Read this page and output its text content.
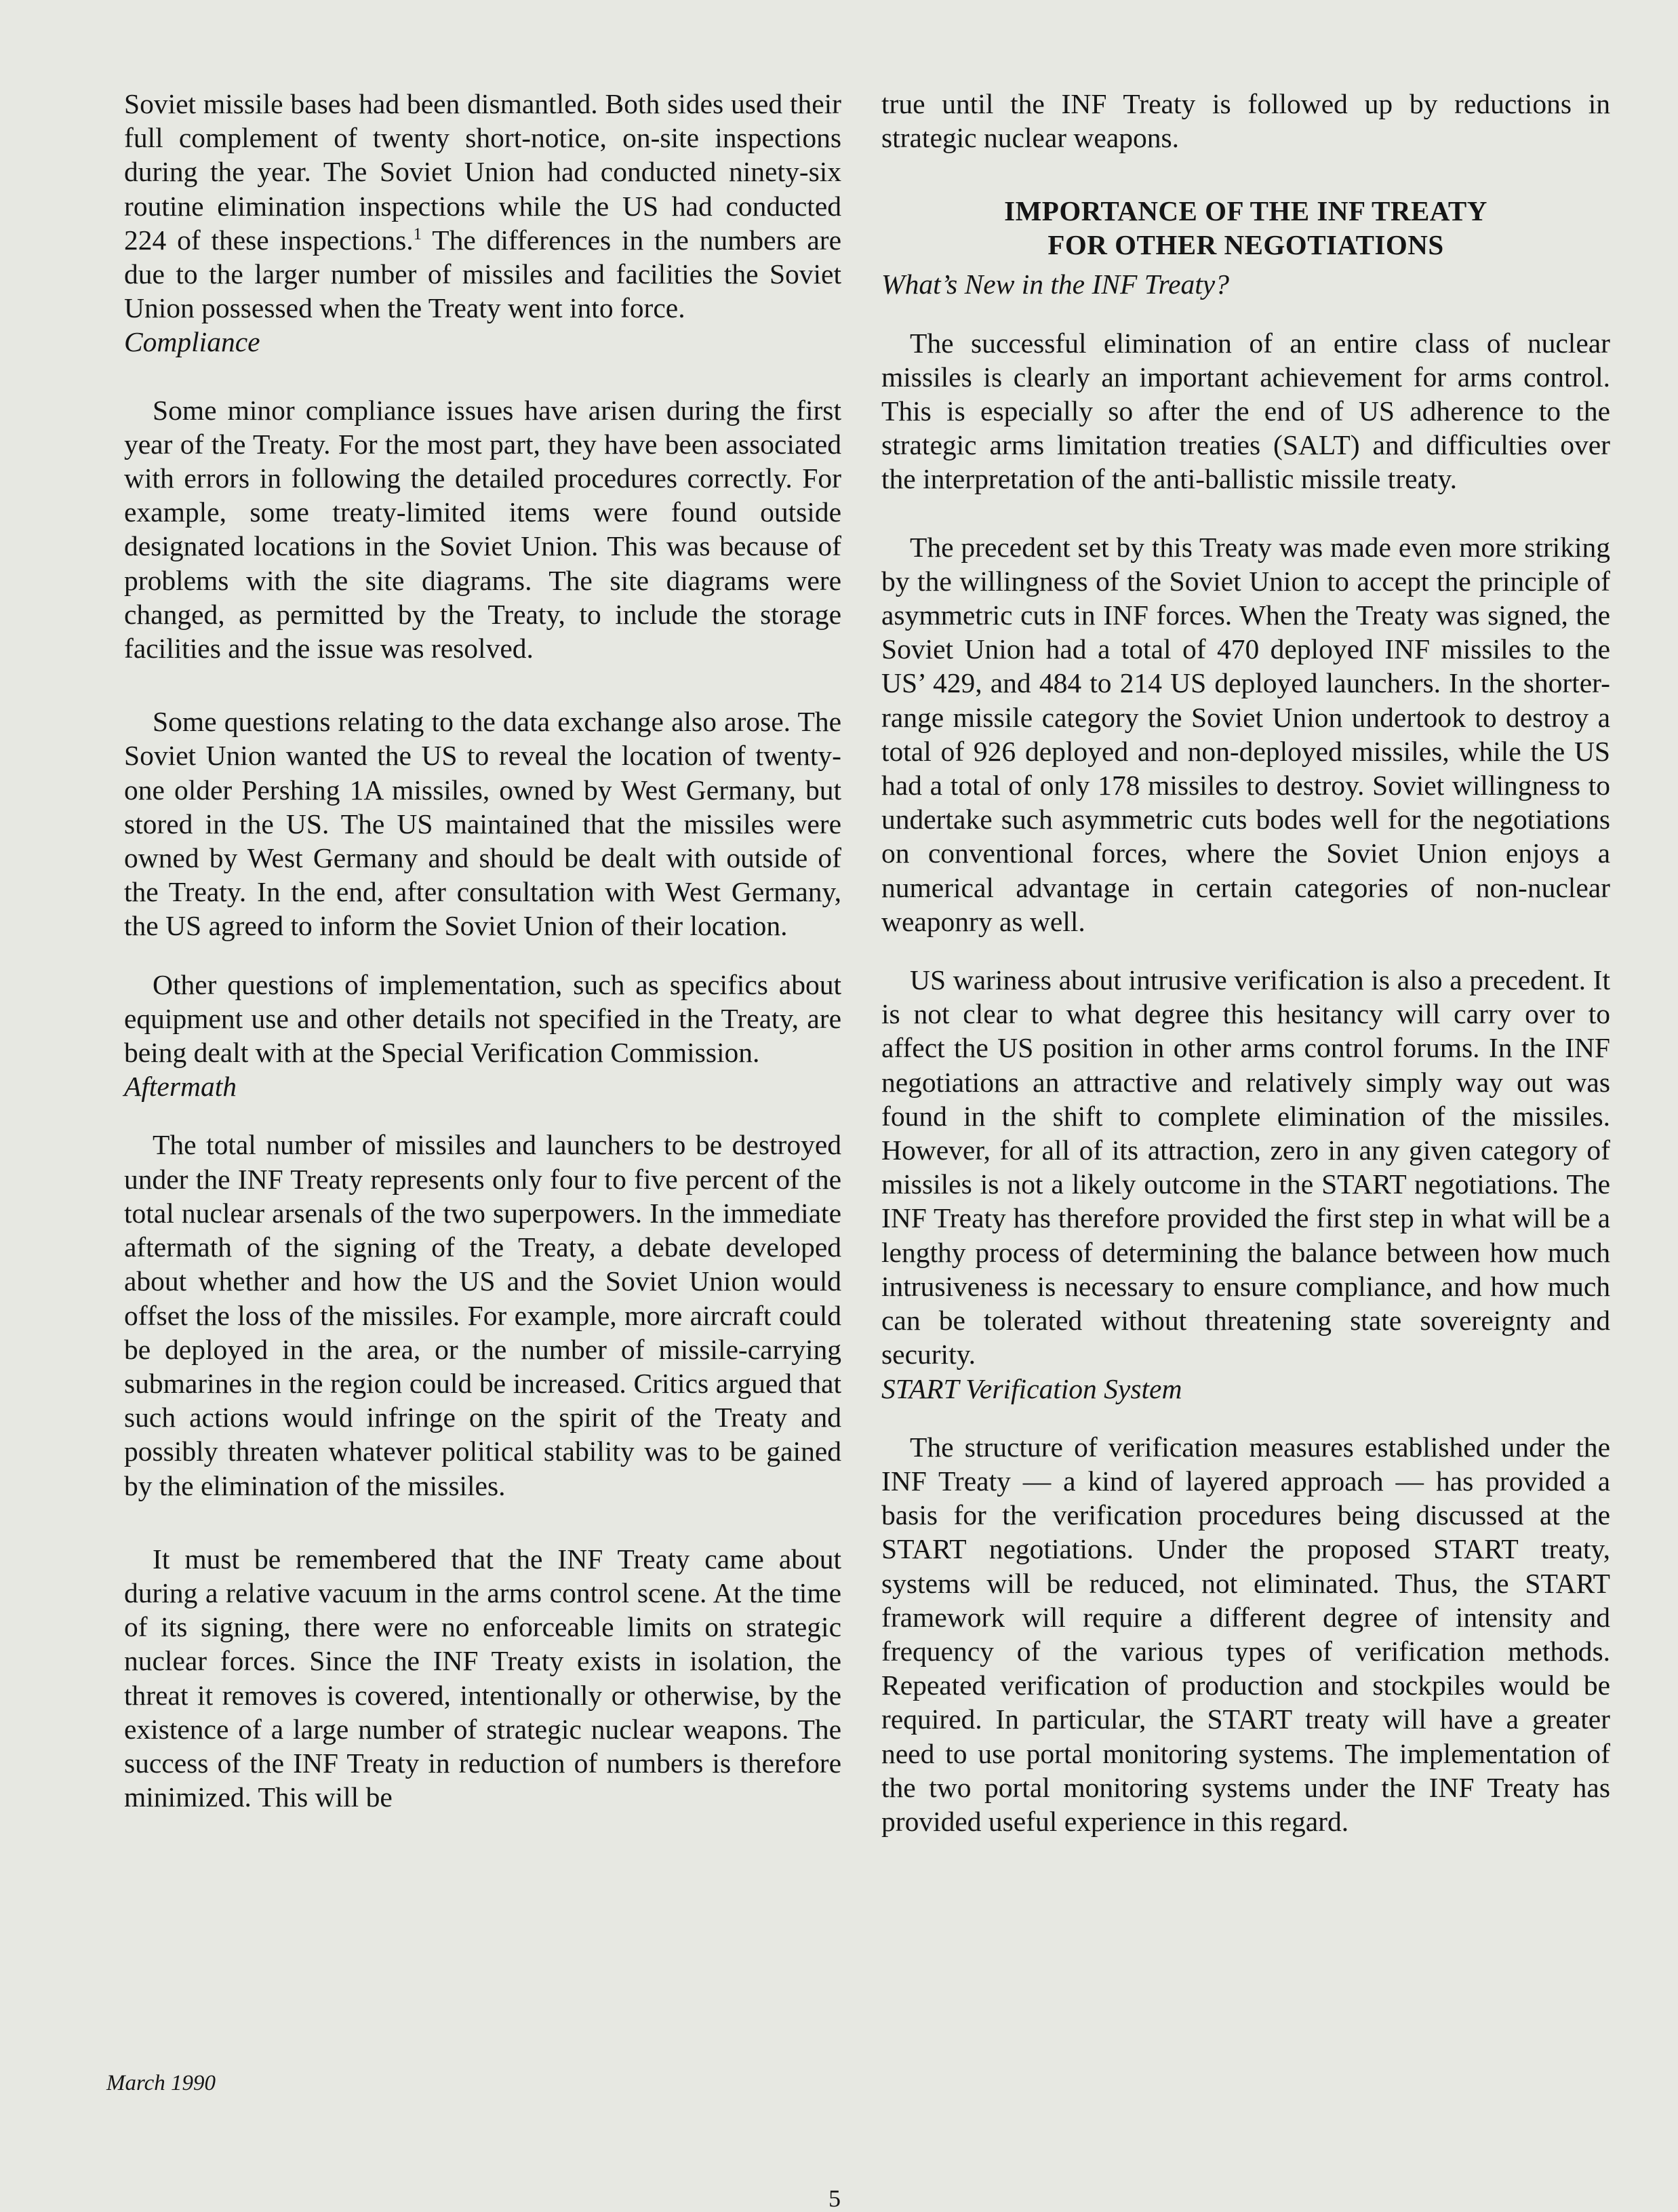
Soviet missile bases had been dismantled. Both sides used their full complement of twenty short-notice, on-site inspections during the year. The Soviet Union had conducted ninety-six routine elimination inspections while the US had conducted 224 of these inspections.$^1$ The differences in the numbers are due to the larger number of missiles and facilities the Soviet Union possessed when the Treaty went into force.

Compliance

Some minor compliance issues have arisen during the first year of the Treaty. For the most part, they have been associated with errors in following the detailed procedures correctly. For example, some treaty-limited items were found outside designated locations in the Soviet Union. This was because of problems with the site diagrams. The site diagrams were changed, as permitted by the Treaty, to include the storage facilities and the issue was resolved.

Some questions relating to the data exchange also arose. The Soviet Union wanted the US to reveal the location of twenty-one older Pershing 1A missiles, owned by West Germany, but stored in the US. The US maintained that the missiles were owned by West Germany and should be dealt with outside of the Treaty. In the end, after consultation with West Germany, the US agreed to inform the Soviet Union of their location.

Other questions of implementation, such as specifics about equipment use and other details not specified in the Treaty, are being dealt with at the Special Verification Commission.

Aftermath

The total number of missiles and launchers to be destroyed under the INF Treaty represents only four to five percent of the total nuclear arsenals of the two superpowers. In the immediate aftermath of the signing of the Treaty, a debate developed about whether and how the US and the Soviet Union would offset the loss of the missiles. For example, more aircraft could be deployed in the area, or the number of missile-carrying submarines in the region could be increased. Critics argued that such actions would infringe on the spirit of the Treaty and possibly threaten whatever political stability was to be gained by the elimination of the missiles.

It must be remembered that the INF Treaty came about during a relative vacuum in the arms control scene. At the time of its signing, there were no enforceable limits on strategic nuclear forces. Since the INF Treaty exists in isolation, the threat it removes is covered, intentionally or otherwise, by the existence of a large number of strategic nuclear weapons. The success of the INF Treaty in reduction of numbers is therefore minimized. This will be

true until the INF Treaty is followed up by reductions in strategic nuclear weapons.

IMPORTANCE OF THE INF TREATY

FOR OTHER NEGOTIATIONS

What’s New in the INF Treaty?

The successful elimination of an entire class of nuclear missiles is clearly an important achievement for arms control. This is especially so after the end of US adherence to the strategic arms limitation treaties (SALT) and difficulties over the interpretation of the anti-ballistic missile treaty.

The precedent set by this Treaty was made even more striking by the willingness of the Soviet Union to accept the principle of asymmetric cuts in INF forces. When the Treaty was signed, the Soviet Union had a total of 470 deployed INF missiles to the US’ 429, and 484 to 214 US deployed launchers. In the shorter-range missile category the Soviet Union undertook to destroy a total of 926 deployed and non-deployed missiles, while the US had a total of only 178 missiles to destroy. Soviet willingness to undertake such asymmetric cuts bodes well for the negotiations on conventional forces, where the Soviet Union enjoys a numerical advantage in certain categories of non-nuclear weaponry as well.

US wariness about intrusive verification is also a precedent. It is not clear to what degree this hesitancy will carry over to affect the US position in other arms control forums. In the INF negotiations an attractive and relatively simply way out was found in the shift to complete elimination of the missiles. However, for all of its attraction, zero in any given category of missiles is not a likely outcome in the START negotiations. The INF Treaty has therefore provided the first step in what will be a lengthy process of determining the balance between how much intrusiveness is necessary to ensure compliance, and how much can be tolerated without threatening state sovereignty and security.

START Verification System

The structure of verification measures established under the INF Treaty — a kind of layered approach — has provided a basis for the verification procedures being discussed at the START negotiations. Under the proposed START treaty, systems will be reduced, not eliminated. Thus, the START framework will require a different degree of intensity and frequency of the various types of verification methods. Repeated verification of production and stockpiles would be required. In particular, the START treaty will have a greater need to use portal monitoring systems. The implementation of the two portal monitoring systems under the INF Treaty has provided useful experience in this regard.

March 1990
5
